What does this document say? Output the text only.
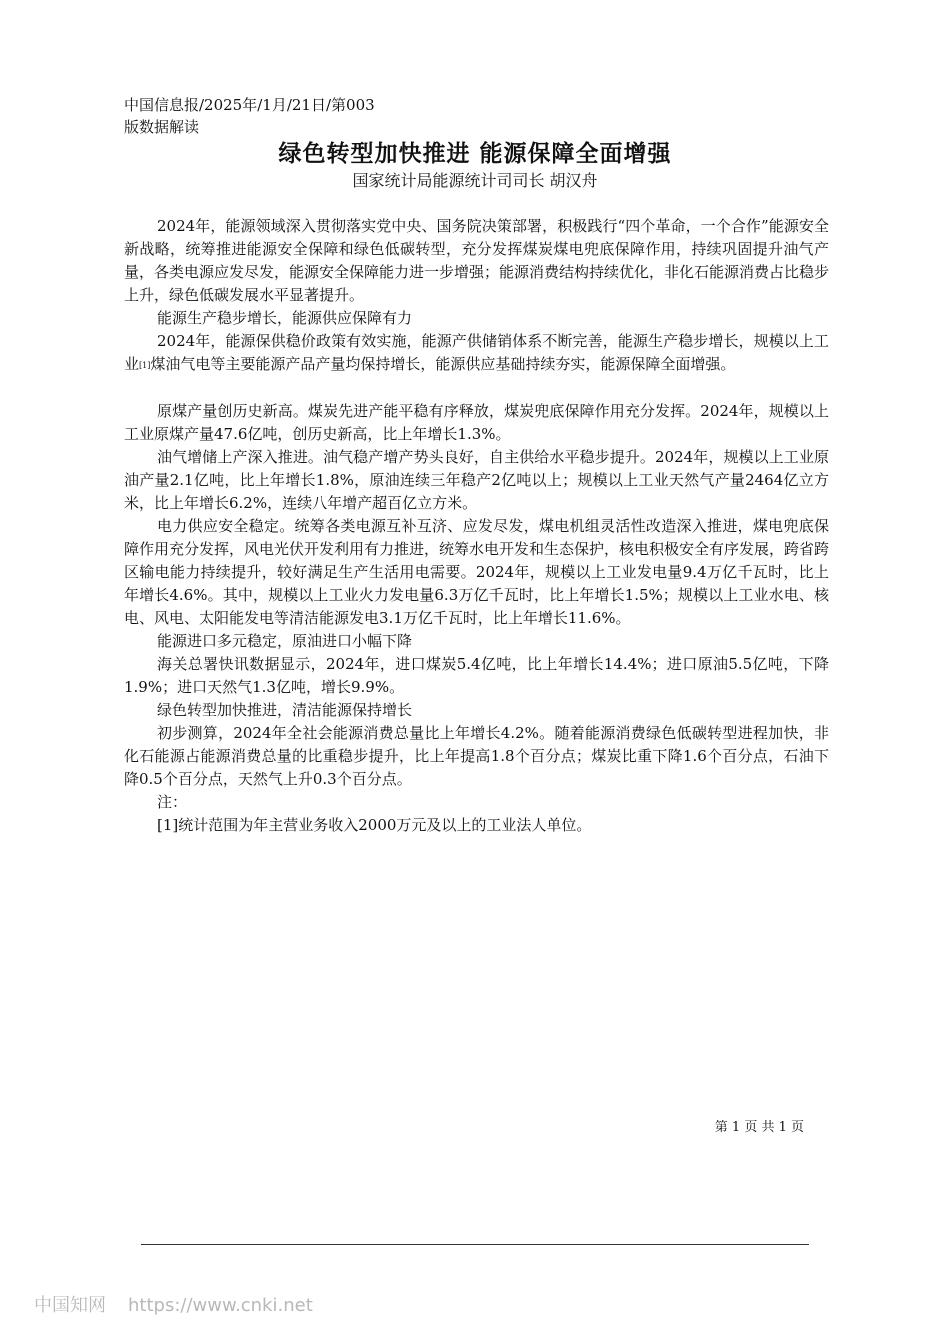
中国信息报/2025年/1月/21日/第003
版数据解读
绿色转型加快推进 能源保障全面增强
国家统计局能源统计司司长 胡汉舟

2024年，能源领域深入贯彻落实党中央、国务院决策部署，积极践行“四个革命，一个合作”能源安全新战略，统筹推进能源安全保障和绿色低碳转型，充分发挥煤炭煤电兜底保障作用，持续巩固提升油气产量，各类电源应发尽发，能源安全保障能力进一步增强；能源消费结构持续优化，非化石能源消费占比稳步上升，绿色低碳发展水平显著提升。

能源生产稳步增长，能源供应保障有力

2024年，能源保供稳价政策有效实施，能源产供储销体系不断完善，能源生产稳步增长，规模以上工业[1]煤油气电等主要能源产品产量均保持增长，能源供应基础持续夯实，能源保障全面增强。

原煤产量创历史新高。煤炭先进产能平稳有序释放，煤炭兜底保障作用充分发挥。2024年，规模以上工业原煤产量47.6亿吨，创历史新高，比上年增长1.3%。

油气增储上产深入推进。油气稳产增产势头良好，自主供给水平稳步提升。2024年，规模以上工业原油产量2.1亿吨，比上年增长1.8%，原油连续三年稳产2亿吨以上；规模以上工业天然气产量2464亿立方米，比上年增长6.2%，连续八年增产超百亿立方米。

电力供应安全稳定。统筹各类电源互补互济、应发尽发，煤电机组灵活性改造深入推进，煤电兜底保障作用充分发挥，风电光伏开发利用有力推进，统筹水电开发和生态保护，核电积极安全有序发展，跨省跨区输电能力持续提升，较好满足生产生活用电需要。2024年，规模以上工业发电量9.4万亿千瓦时，比上年增长4.6%。其中，规模以上工业火力发电量6.3万亿千瓦时，比上年增长1.5%；规模以上工业水电、核电、风电、太阳能发电等清洁能源发电3.1万亿千瓦时，比上年增长11.6%。

能源进口多元稳定，原油进口小幅下降

海关总署快讯数据显示，2024年，进口煤炭5.4亿吨，比上年增长14.4%；进口原油5.5亿吨，下降1.9%；进口天然气1.3亿吨，增长9.9%。

绿色转型加快推进，清洁能源保持增长

初步测算，2024年全社会能源消费总量比上年增长4.2%。随着能源消费绿色低碳转型进程加快，非化石能源占能源消费总量的比重稳步提升，比上年提高1.8个百分点；煤炭比重下降1.6个百分点，石油下降0.5个百分点，天然气上升0.3个百分点。

注：

[1]统计范围为年主营业务收入2000万元及以上的工业法人单位。

第 1 页 共 1 页
中国知网 https://www.cnki.net
